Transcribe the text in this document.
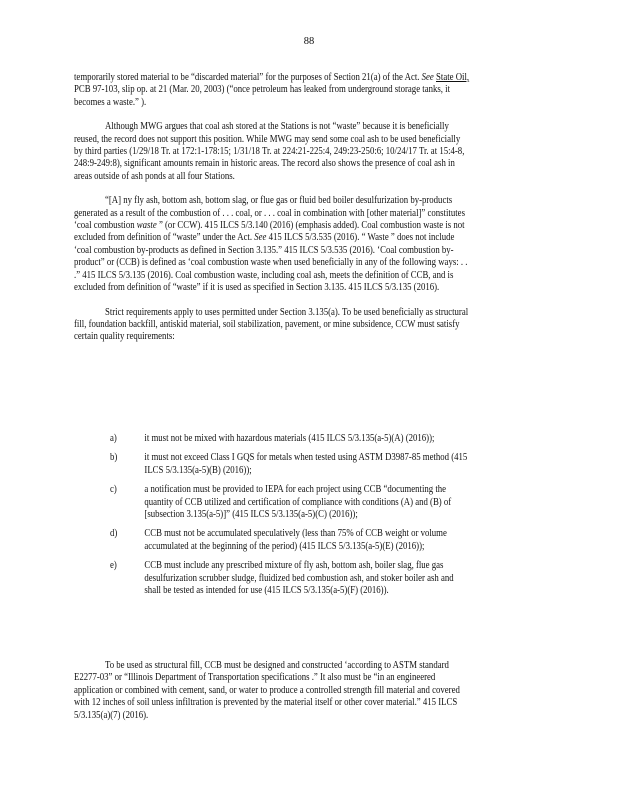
88

temporarily stored material to be “discarded material” for the purposes of Section 21(a) of the Act. See State Oil, PCB 97-103, slip op. at 21 (Mar. 20, 2003) (“once petroleum has leaked from underground storage tanks, it becomes a waste.” ).

Although MWG argues that coal ash stored at the Stations is not “waste” because it is beneficially reused, the record does not support this position. While MWG may send some coal ash to be used beneficially by third parties (1/29/18 Tr. at 172:1-178:15; 1/31/18 Tr. at 224:21-225:4, 249:23-250:6; 10/24/17 Tr. at 15:4-8, 248:9-249:8), significant amounts remain in historic areas. The record also shows the presence of coal ash in areas outside of ash ponds at all four Stations.

“[A] ny fly ash, bottom ash, bottom slag, or flue gas or fluid bed boiler desulfurization by-products generated as a result of the combustion of . . . coal, or . . . coal in combination with [other material]” constitutes ‘coal combustion waste ” (or CCW). 415 ILCS 5/3.140 (2016) (emphasis added). Coal combustion waste is not excluded from definition of “waste” under the Act. See 415 ILCS 5/3.535 (2016). “ Waste ” does not include ‘coal combustion by-products as defined in Section 3.135.” 415 ILCS 5/3.535 (2016). ‘Coal combustion by-product” or (CCB) is defined as ‘coal combustion waste when used beneficially in any of the following ways: . . .” 415 ILCS 5/3.135 (2016). Coal combustion waste, including coal ash, meets the definition of CCB, and is excluded from definition of “waste” if it is used as specified in Section 3.135. 415 ILCS 5/3.135 (2016).

Strict requirements apply to uses permitted under Section 3.135(a). To be used beneficially as structural fill, foundation backfill, antiskid material, soil stabilization, pavement, or mine subsidence, CCW must satisfy certain quality requirements:

a)	it must not be mixed with hazardous materials (415 ILCS 5/3.135(a-5)(A) (2016));
b)	it must not exceed Class I GQS for metals when tested using ASTM D3987-85 method (415 ILCS 5/3.135(a-5)(B) (2016));
c)	a notification must be provided to IEPA for each project using CCB “documenting the quantity of CCB utilized and certification of compliance with conditions (A) and (B) of [subsection 3.135(a-5)]” (415 ILCS 5/3.135(a-5)(C) (2016));
d)	CCB must not be accumulated speculatively (less than 75% of CCB weight or volume accumulated at the beginning of the period) (415 ILCS 5/3.135(a-5)(E) (2016));
e)	CCB must include any prescribed mixture of fly ash, bottom ash, boiler slag, flue gas desulfurization scrubber sludge, fluidized bed combustion ash, and stoker boiler ash and shall be tested as intended for use (415 ILCS 5/3.135(a-5)(F) (2016)).

To be used as structural fill, CCB must be designed and constructed ‘according to ASTM standard E2277-03” or “Illinois Department of Transportation specifications .” It also must be “in an engineered application or combined with cement, sand, or water to produce a controlled strength fill material and covered with 12 inches of soil unless infiltration is prevented by the material itself or other cover material.” 415 ILCS 5/3.135(a)(7) (2016).
